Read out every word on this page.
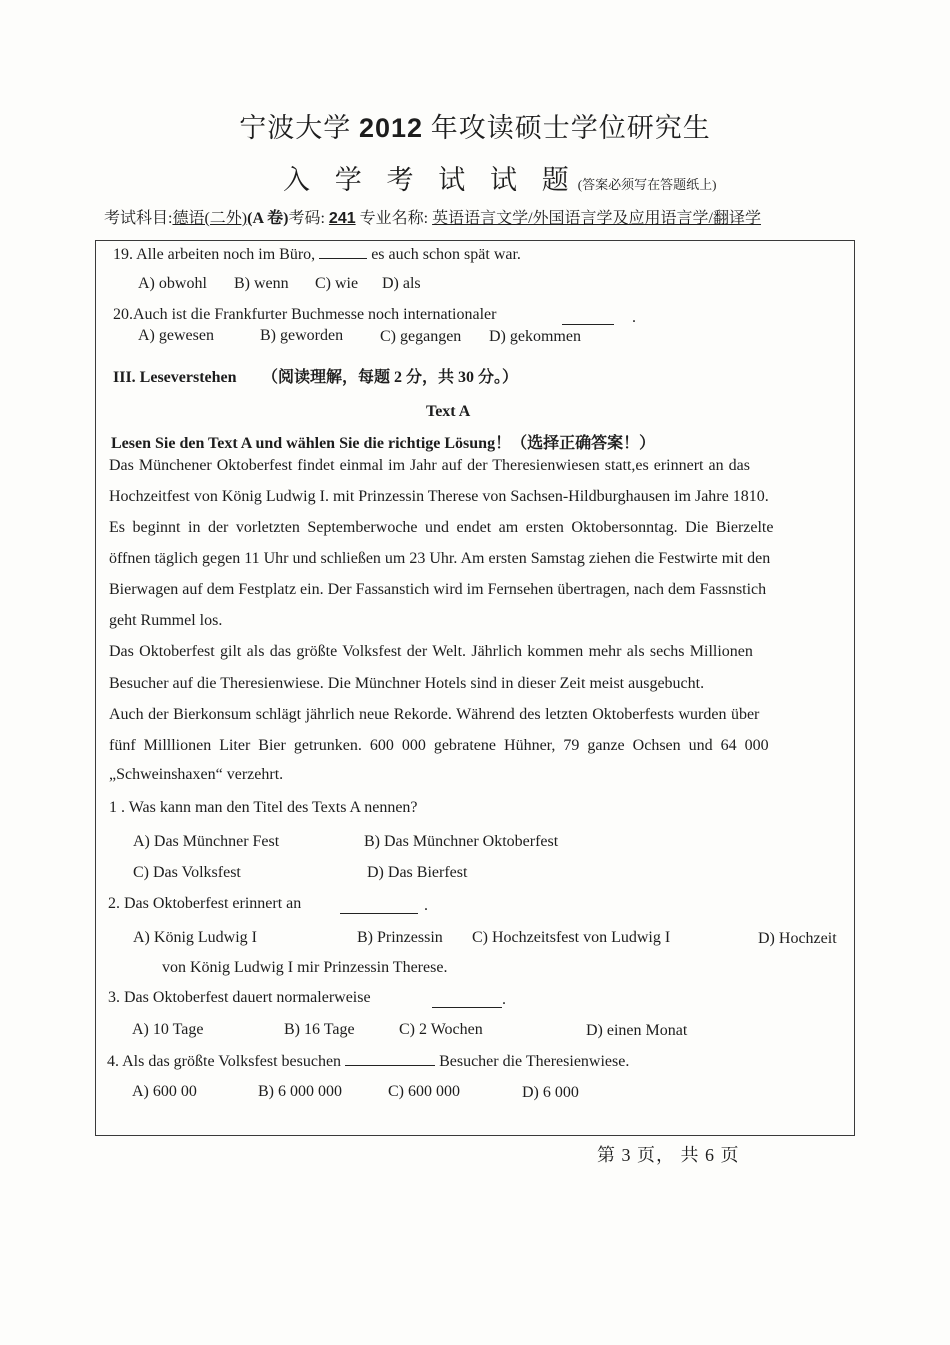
宁波大学 2012 年攻读硕士学位研究生
入 学 考 试 试 题(答案必须写在答题纸上)
考试科目:德语(二外)(A 卷)考码: 241 专业名称: 英语语言文学/外国语言学及应用语言学/翻译学
19. Alle arbeiten noch im Büro,	es auch schon spät war.
A) obwohl B) wenn C) wie D) als
20.Auch ist die Frankfurter Buchmesse noch internationaler	.
A) gewesen	B) geworden C) gegangen D) gekommen
III. Leseverstehen （阅读理解，每题 2 分，共 30 分。）
Text A
Lesen Sie den Text A und wählen Sie die richtige Lösung！（选择正确答案！）
Das Münchener Oktoberfest findet einmal im Jahr auf der Theresienwiesen statt,es erinnert an das
Hochzeitfest von König Ludwig I. mit Prinzessin Therese von Sachsen-Hildburghausen im Jahre 1810.
Es beginnt in der vorletzten Septemberwoche und endet am ersten Oktobersonntag. Die Bierzelte
öffnen täglich gegen 11 Uhr und schließen um 23 Uhr. Am ersten Samstag ziehen die Festwirte mit den
Bierwagen auf dem Festplatz ein. Der Fassanstich wird im Fernsehen übertragen, nach dem Fassnstich
geht Rummel los.
Das Oktoberfest gilt als das größte Volksfest der Welt. Jährlich kommen mehr als sechs Millionen
Besucher auf die Theresienwiese. Die Münchner Hotels sind in dieser Zeit meist ausgebucht.
Auch der Bierkonsum schlägt jährlich neue Rekorde. Während des letzten Oktoberfests wurden über
fünf Milllionen Liter Bier getrunken. 600 000 gebratene Hühner, 79 ganze Ochsen und 64 000
„Schweinshaxen“ verzehrt.
1 . Was kann man den Titel des Texts A nennen?
A) Das Münchner Fest	B) Das Münchner Oktoberfest
C) Das Volksfest	D) Das Bierfest
2. Das Oktoberfest erinnert an	.
A) König Ludwig I	B) Prinzessin C) Hochzeitsfest von Ludwig I	D) Hochzeit
von König Ludwig I mir Prinzessin Therese.
3. Das Oktoberfest dauert normalerweise	.
A) 10 Tage	B) 16 Tage	C) 2 Wochen	D) einen Monat
4. Als das größte Volksfest besuchen	Besucher die Theresienwiese.
A) 600 00	B) 6 000 000	C) 600 000	D) 6 000
第 3 页， 共 6 页
